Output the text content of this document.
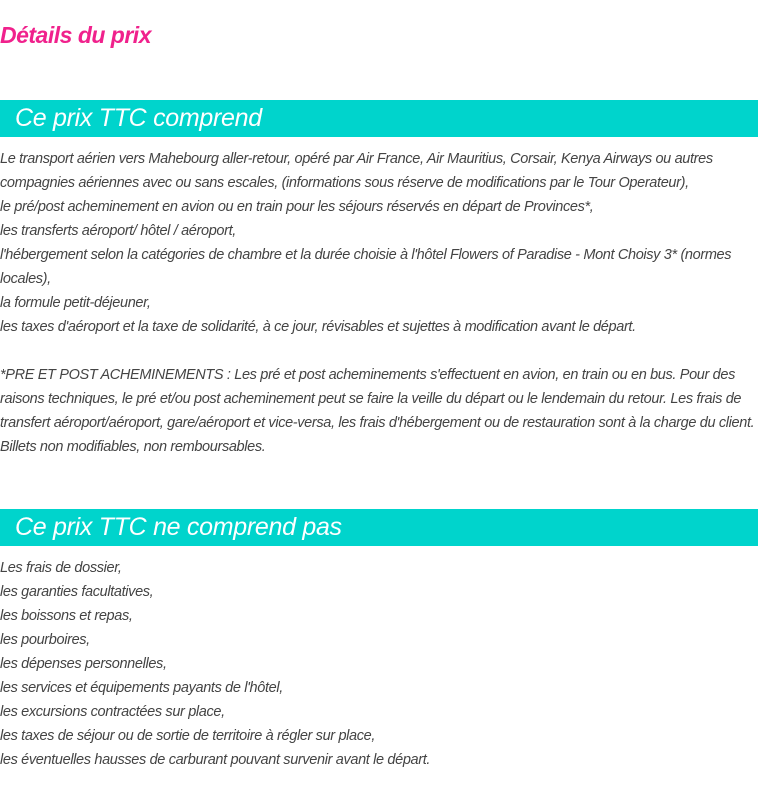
Détails du prix
Ce prix TTC comprend

Le transport aérien vers Mahebourg aller-retour, opéré par Air France, Air Mauritius, Corsair, Kenya Airways ou autres compagnies aériennes avec ou sans escales, (informations sous réserve de modifications par le Tour Operateur),

le pré/post acheminement en avion ou en train pour les séjours réservés en départ de Provinces*,

les transferts aéroport/ hôtel / aéroport,

l'hébergement selon la catégories de chambre et la durée choisie à l'hôtel Flowers of Paradise - Mont Choisy 3* (normes locales),

la formule petit-déjeuner,

les taxes d'aéroport et la taxe de solidarité, à ce jour, révisables et sujettes à modification avant le départ.

*PRE ET POST ACHEMINEMENTS : Les pré et post acheminements s'effectuent en avion, en train ou en bus. Pour des raisons techniques, le pré et/ou post acheminement peut se faire la veille du départ ou le lendemain du retour. Les frais de transfert aéroport/aéroport, gare/aéroport et vice-versa, les frais d'hébergement ou de restauration sont à la charge du client. Billets non modifiables, non remboursables.

Ce prix TTC ne comprend pas

Les frais de dossier,

les garanties facultatives,

les boissons et repas,

les pourboires,

les dépenses personnelles,

les services et équipements payants de l'hôtel,

les excursions contractées sur place,

les taxes de séjour ou de sortie de territoire à régler sur place,

les éventuelles hausses de carburant pouvant survenir avant le départ.
